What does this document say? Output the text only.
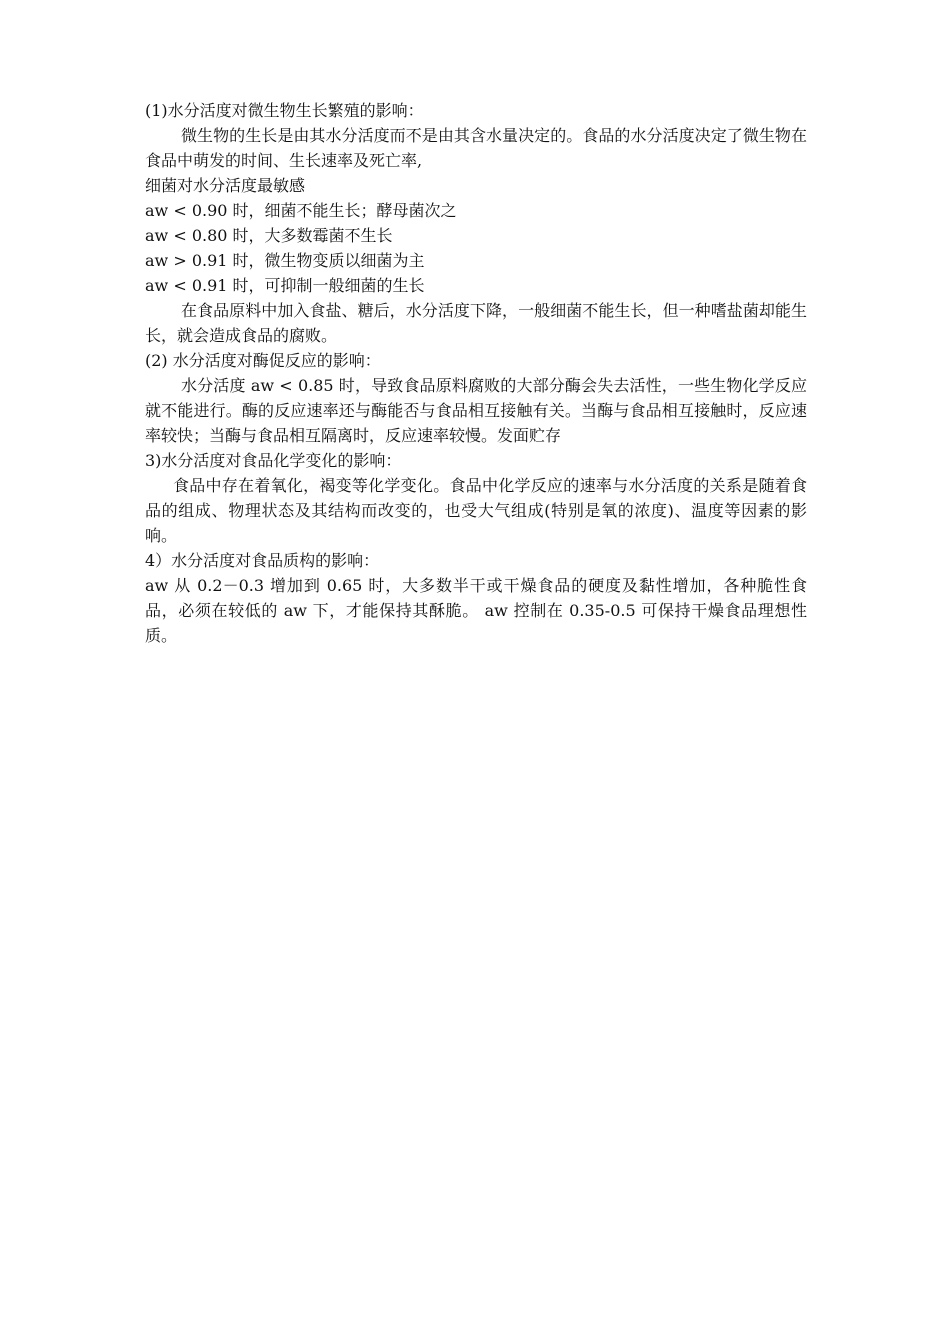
(1)水分活度对微生物生长繁殖的影响：
微生物的生长是由其水分活度而不是由其含水量决定的。食品的水分活度决定了微生物在食品中萌发的时间、生长速率及死亡率,
细菌对水分活度最敏感
aw < 0.90 时，细菌不能生长；酵母菌次之
aw < 0.80 时，大多数霉菌不生长
aw > 0.91 时，微生物变质以细菌为主
aw < 0.91 时，可抑制一般细菌的生长
在食品原料中加入食盐、糖后，水分活度下降，一般细菌不能生长，但一种嗜盐菌却能生长，就会造成食品的腐败。
(2) 水分活度对酶促反应的影响：
水分活度 aw < 0.85 时，导致食品原料腐败的大部分酶会失去活性，一些生物化学反应就不能进行。酶的反应速率还与酶能否与食品相互接触有关。当酶与食品相互接触时，反应速率较快；当酶与食品相互隔离时，反应速率较慢。发面贮存
3)水分活度对食品化学变化的影响：
食品中存在着氧化，褐变等化学变化。食品中化学反应的速率与水分活度的关系是随着食品的组成、物理状态及其结构而改变的，也受大气组成(特别是氧的浓度)、温度等因素的影响。
4）水分活度对食品质构的影响：
aw 从 0.2－0.3 增加到 0.65 时，大多数半干或干燥食品的硬度及黏性增加，各种脆性食品，必须在较低的 aw 下，才能保持其酥脆。 aw 控制在 0.35-0.5 可保持干燥食品理想性质。
